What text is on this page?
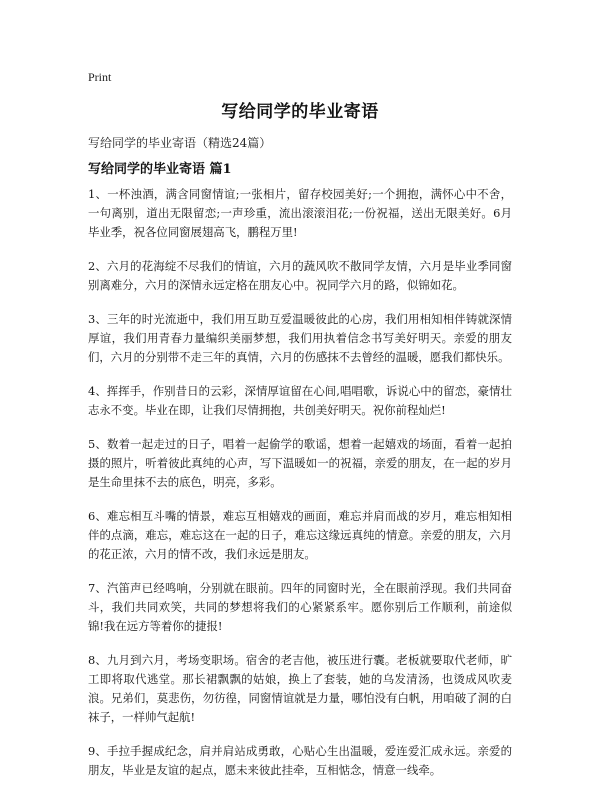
Print
写给同学的毕业寄语
写给同学的毕业寄语（精选24篇）
写给同学的毕业寄语 篇1

1、一杯浊酒，满含同窗情谊;一张相片，留存校园美好;一个拥抱，满怀心中不舍，一句离别，道出无限留恋;一声珍重，流出滚滚泪花;一份祝福，送出无限美好。6月毕业季，祝各位同窗展翅高飞，鹏程万里!

2、六月的花海绽不尽我们的情谊，六月的蔬风吹不散同学友情，六月是毕业季同窗别离难分，六月的深情永远定格在朋友心中。祝同学六月的路，似锦如花。

3、三年的时光流逝中，我们用互助互爱温暖彼此的心房，我们用相知相伴铸就深情厚谊，我们用青春力量编织美丽梦想，我们用执着信念书写美好明天。亲爱的朋友们，六月的分别带不走三年的真情，六月的伤感抹不去曾经的温暖，愿我们都快乐。

4、挥挥手，作别昔日的云彩，深情厚谊留在心间,唱唱歌，诉说心中的留恋，豪情壮志永不变。毕业在即，让我们尽情拥抱，共创美好明天。祝你前程灿烂!

5、数着一起走过的日子，唱着一起偷学的歌谣，想着一起嬉戏的场面，看着一起拍摄的照片，听着彼此真纯的心声，写下温暖如一的祝福，亲爱的朋友，在一起的岁月是生命里抹不去的底色，明亮，多彩。

6、难忘相互斗嘴的情景，难忘互相嬉戏的画面，难忘并肩而战的岁月，难忘相知相伴的点滴，难忘，难忘这在一起的日子，难忘这缘远真纯的情意。亲爱的朋友，六月的花正浓，六月的情不改，我们永远是朋友。

7、汽笛声已经鸣响，分别就在眼前。四年的同窗时光，全在眼前浮现。我们共同奋斗，我们共同欢笑，共同的梦想将我们的心紧紧系牢。愿你别后工作顺利，前途似锦!我在远方等着你的捷报!

8、九月到六月，考场变职场。宿舍的老吉他，被压进行囊。老板就要取代老师，旷工即将取代逃堂。那长裙飘飘的姑娘，换上了套装，她的乌发清汤，也烫成风吹麦浪。兄弟们，莫悲伤，勿彷徨，同窗情谊就是力量，哪怕没有白帆，用咱破了洞的白袜子，一样帅气起航!

9、手拉手握成纪念，肩并肩站成勇敢，心贴心生出温暖，爱连爱汇成永远。亲爱的朋友，毕业是友谊的起点，愿未来彼此挂牵，互相惦念，情意一线牵。
